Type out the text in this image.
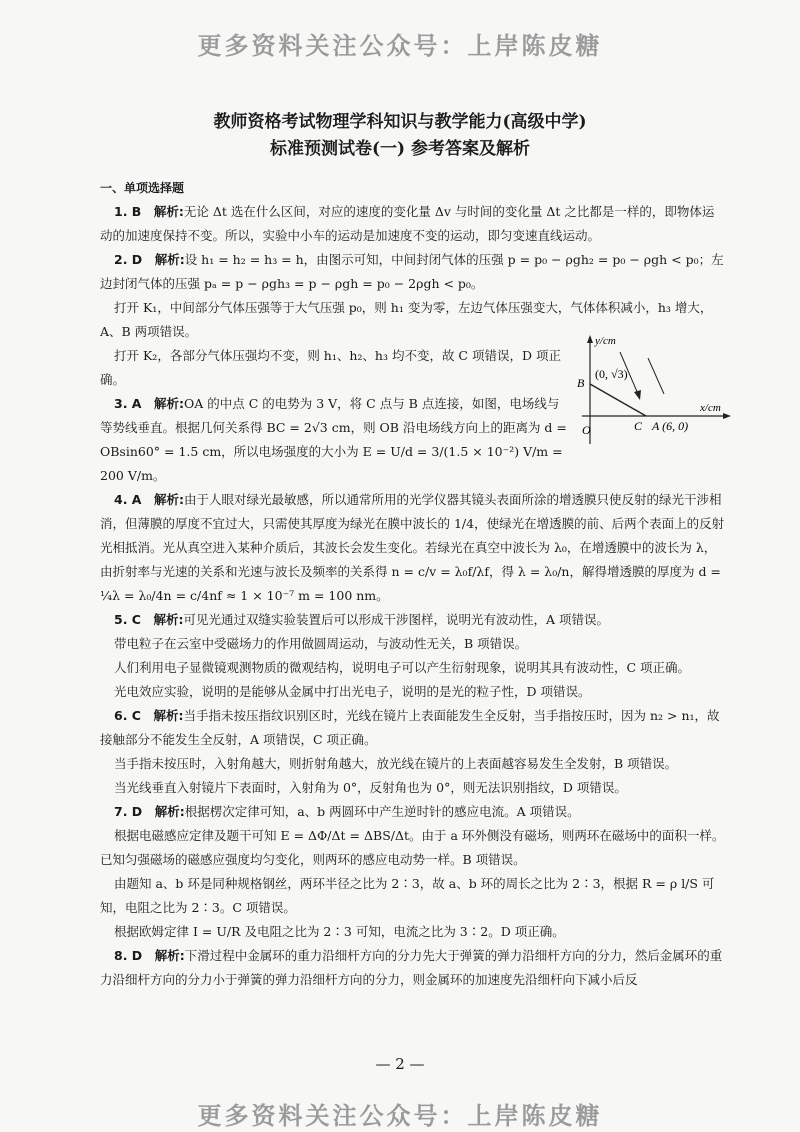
更多资料关注公众号：上岸陈皮糖
教师资格考试物理学科知识与教学能力(高级中学)
标准预测试卷(一) 参考答案及解析

一、单项选择题

1. B　 解析:无论 Δt 选在什么区间，对应的速度的变化量 Δv 与时间的变化量 Δt 之比都是一样的，即物体运动的加速度保持不变。所以，实验中小车的运动是加速度不变的运动，即匀变速直线运动。

2. D　 解析:设 h₁ = h₂ = h₃ = h，由图示可知，中间封闭气体的压强 p = p₀ − ρgh₂ = p₀ − ρgh < p₀；左边封闭气体的压强 pₐ = p − ρgh₃ = p − ρgh = p₀ − 2ρgh < p₀。

打开 K₁，中间部分气体压强等于大气压强 p₀，则 h₁ 变为零，左边气体压强变大，气体体积减小，h₃ 增大，A、B 两项错误。

打开 K₂，各部分气体压强均不变，则 h₁、h₂、h₃ 均不变，故 C 项错误，D 项正确。

3. A　 解析:OA 的中点 C 的电势为 3 V，将 C 点与 B 点连接，如图，电场线与等势线垂直。根据几何关系得 BC = 2√3 cm，则 OB 沿电场线方向上的距离为 d = OBsin60° = 1.5 cm，所以电场强度的大小为 E = U/d = 3/(1.5 × 10⁻²) V/m = 200 V/m。

4. A　 解析:由于人眼对绿光最敏感，所以通常所用的光学仪器其镜头表面所涂的增透膜只使反射的绿光干涉相消，但薄膜的厚度不宜过大，只需使其厚度为绿光在膜中波长的 1/4，使绿光在增透膜的前、后两个表面上的反射光相抵消。光从真空进入某种介质后，其波长会发生变化。若绿光在真空中波长为 λ₀，在增透膜中的波长为 λ，由折射率与光速的关系和光速与波长及频率的关系得 n = c/v = λ₀f/λf，得 λ = λ₀/n，解得增透膜的厚度为 d = ¼λ = λ₀/4n = c/4nf ≈ 1 × 10⁻⁷ m = 100 nm。

5. C　 解析:可见光通过双缝实验装置后可以形成干涉图样，说明光有波动性，A 项错误。

带电粒子在云室中受磁场力的作用做圆周运动，与波动性无关，B 项错误。

人们利用电子显微镜观测物质的微观结构，说明电子可以产生衍射现象，说明其具有波动性，C 项正确。

光电效应实验，说明的是能够从金属中打出光电子，说明的是光的粒子性，D 项错误。

6. C　 解析:当手指未按压指纹识别区时，光线在镜片上表面能发生全反射，当手指按压时，因为 n₂ > n₁，故接触部分不能发生全反射，A 项错误，C 项正确。

当手指未按压时，入射角越大，则折射角越大，放光线在镜片的上表面越容易发生全发射，B 项错误。

当光线垂直入射镜片下表面时，入射角为 0°，反射角也为 0°，则无法识别指纹，D 项错误。

7. D　 解析:根据楞次定律可知，a、b 两圆环中产生逆时针的感应电流。A 项错误。

根据电磁感应定律及题干可知 E = ΔΦ/Δt = ΔBS/Δt。由于 a 环外侧没有磁场，则两环在磁场中的面积一样。已知匀强磁场的磁感应强度均匀变化，则两环的感应电动势一样。B 项错误。

由题知 a、b 环是同种规格钢丝，两环半径之比为 2∶3，故 a、b 环的周长之比为 2∶3，根据 R = ρ l/S 可知，电阻之比为 2∶3。C 项错误。

根据欧姆定律 I = U/R 及电阻之比为 2∶3 可知，电流之比为 3∶2。D 项正确。

8. D　 解析:下滑过程中金属环的重力沿细杆方向的分力先大于弹簧的弹力沿细杆方向的分力，然后金属环的重力沿细杆方向的分力小于弹簧的弹力沿细杆方向的分力，则金属环的加速度先沿细杆向下减小后反

y/cm
x/cm
O
B
(0, √3)
C A (6, 0)
— 2 —
更多资料关注公众号：上岸陈皮糖
